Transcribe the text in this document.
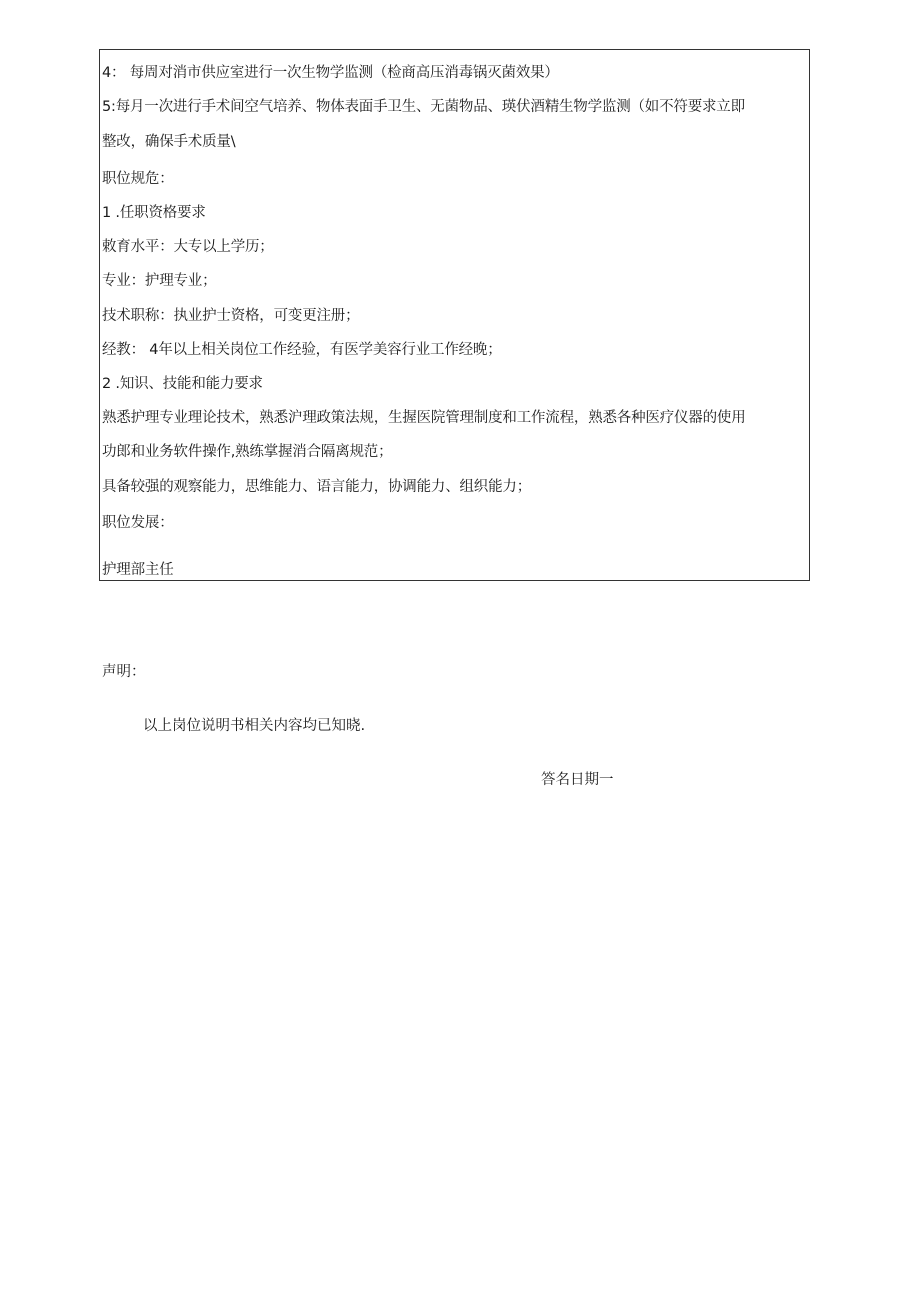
4： 每周对消市供应室进行一次生物学监测（检商高压消毒锅灭菌效果）
5:每月一次进行手术间空气培养、物体表面手卫生、无菌物品、瑛伏酒精生物学监测（如不符要求立即
整改，确保手术质量\
职位规危：
1 .任职资格要求
敕育水平：大专以上学历；
专业：护理专业；
技术职称：执业护士资格，可变更注册；
经教： 4年以上相关岗位工作经验，有医学美容行业工作经晚；
2 .知识、技能和能力要求
熟悉护理专业理论技术，熟悉沪理政策法规，生握医院管理制度和工作流程，熟悉各种医疗仪器的使用
功郎和业务软件操作,熟练掌握消合隔离规范；
具备较强的观察能力，思维能力、语言能力，协调能力、组织能力；
职位发展：
护理部主任
声明：
以上岗位说明书相关内容均已知晓.
答名日期一
